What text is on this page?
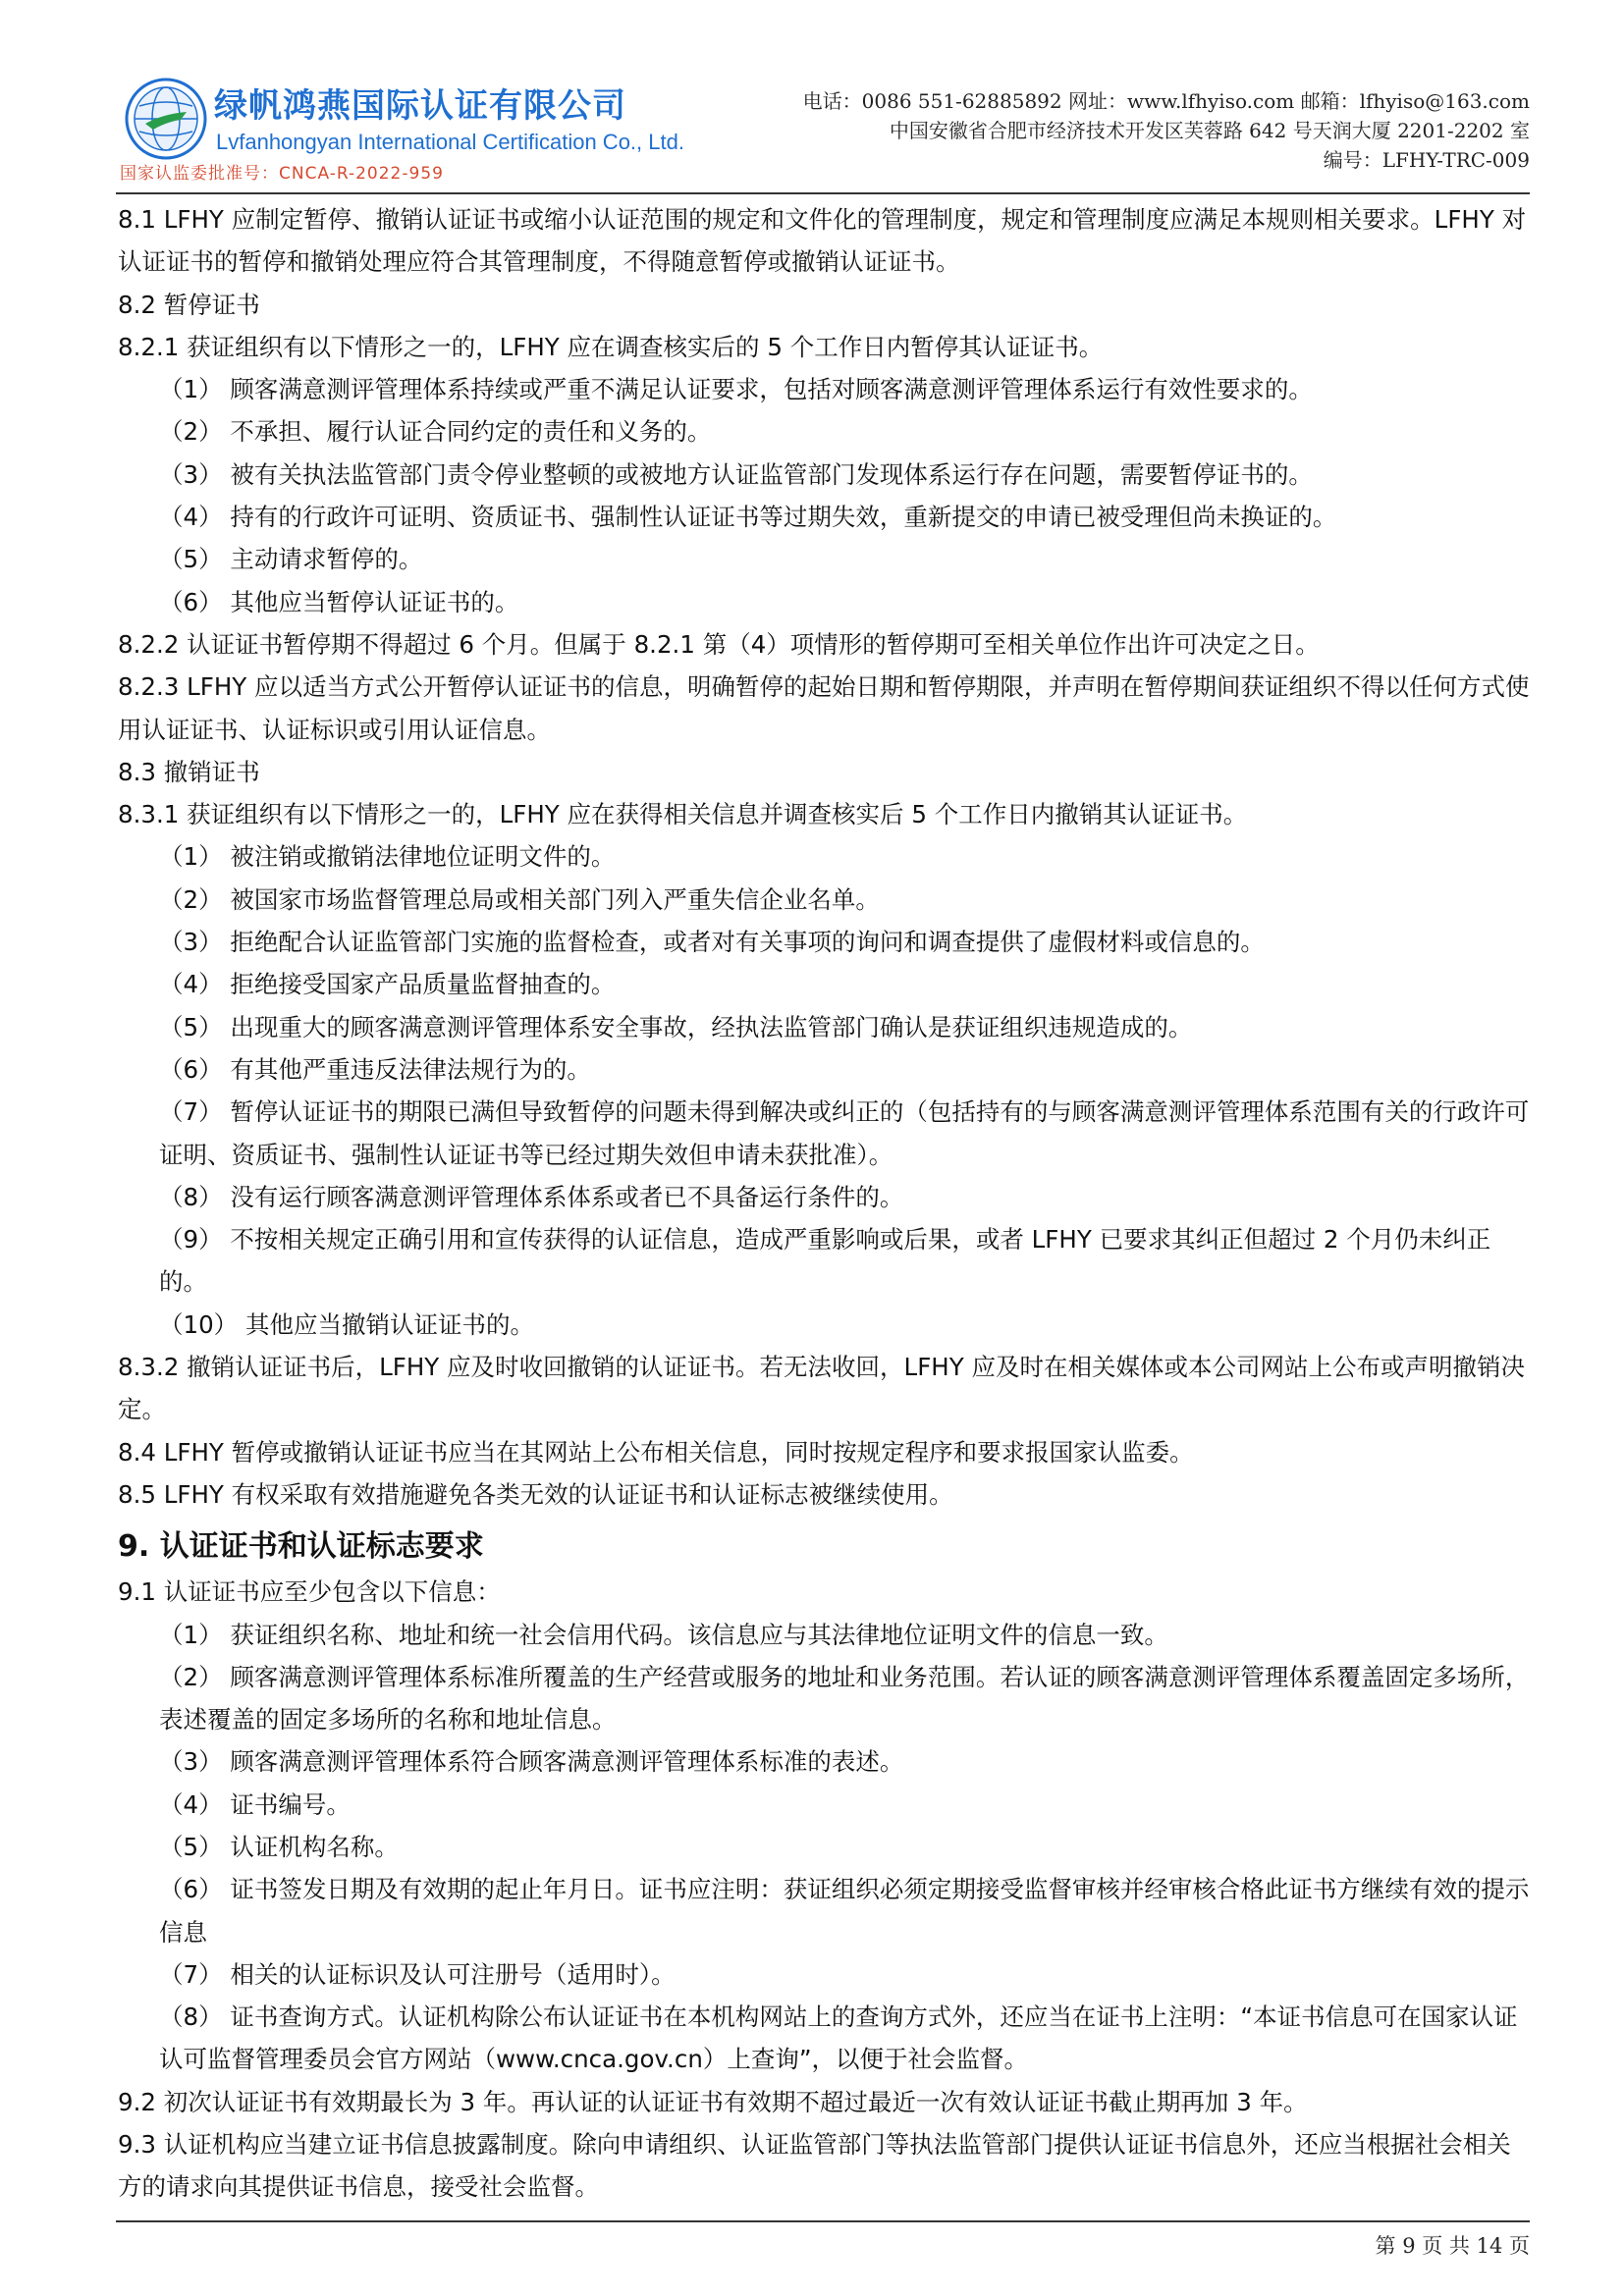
绿帆鸿燕国际认证有限公司
Lvfanhongyan International Certification Co., Ltd.
国家认监委批准号：CNCA-R-2022-959
电话：0086 551-62885892 网址：www.lfhyiso.com 邮箱：lfhyiso@163.com
中国安徽省合肥市经济技术开发区芙蓉路 642 号天润大厦 2201-2202 室
编号：LFHY-TRC-009

8.1 LFHY 应制定暂停、撤销认证证书或缩小认证范围的规定和文件化的管理制度，规定和管理制度应满足本规则相关要求。LFHY 对认证证书的暂停和撤销处理应符合其管理制度，不得随意暂停或撤销认证证书。

8.2 暂停证书

8.2.1 获证组织有以下情形之一的，LFHY 应在调查核实后的 5 个工作日内暂停其认证证书。

（1） 顾客满意测评管理体系持续或严重不满足认证要求，包括对顾客满意测评管理体系运行有效性要求的。

（2） 不承担、履行认证合同约定的责任和义务的。

（3） 被有关执法监管部门责令停业整顿的或被地方认证监管部门发现体系运行存在问题，需要暂停证书的。

（4） 持有的行政许可证明、资质证书、强制性认证证书等过期失效，重新提交的申请已被受理但尚未换证的。

（5） 主动请求暂停的。

（6） 其他应当暂停认证证书的。

8.2.2 认证证书暂停期不得超过 6 个月。但属于 8.2.1 第（4）项情形的暂停期可至相关单位作出许可决定之日。

8.2.3 LFHY 应以适当方式公开暂停认证证书的信息，明确暂停的起始日期和暂停期限，并声明在暂停期间获证组织不得以任何方式使用认证证书、认证标识或引用认证信息。

8.3 撤销证书

8.3.1 获证组织有以下情形之一的，LFHY 应在获得相关信息并调查核实后 5 个工作日内撤销其认证证书。

（1） 被注销或撤销法律地位证明文件的。

（2） 被国家市场监督管理总局或相关部门列入严重失信企业名单。

（3） 拒绝配合认证监管部门实施的监督检查，或者对有关事项的询问和调查提供了虚假材料或信息的。

（4） 拒绝接受国家产品质量监督抽查的。

（5） 出现重大的顾客满意测评管理体系安全事故，经执法监管部门确认是获证组织违规造成的。

（6） 有其他严重违反法律法规行为的。

（7） 暂停认证证书的期限已满但导致暂停的问题未得到解决或纠正的（包括持有的与顾客满意测评管理体系范围有关的行政许可证明、资质证书、强制性认证证书等已经过期失效但申请未获批准）。

（8） 没有运行顾客满意测评管理体系体系或者已不具备运行条件的。

（9） 不按相关规定正确引用和宣传获得的认证信息，造成严重影响或后果，或者 LFHY 已要求其纠正但超过 2 个月仍未纠正的。

（10） 其他应当撤销认证证书的。

8.3.2 撤销认证证书后，LFHY 应及时收回撤销的认证证书。若无法收回，LFHY 应及时在相关媒体或本公司网站上公布或声明撤销决定。

8.4 LFHY 暂停或撤销认证证书应当在其网站上公布相关信息，同时按规定程序和要求报国家认监委。

8.5 LFHY 有权采取有效措施避免各类无效的认证证书和认证标志被继续使用。

9. 认证证书和认证标志要求

9.1 认证证书应至少包含以下信息：

（1） 获证组织名称、地址和统一社会信用代码。该信息应与其法律地位证明文件的信息一致。

（2） 顾客满意测评管理体系标准所覆盖的生产经营或服务的地址和业务范围。若认证的顾客满意测评管理体系覆盖固定多场所，表述覆盖的固定多场所的名称和地址信息。

（3） 顾客满意测评管理体系符合顾客满意测评管理体系标准的表述。

（4） 证书编号。

（5） 认证机构名称。

（6） 证书签发日期及有效期的起止年月日。证书应注明：获证组织必须定期接受监督审核并经审核合格此证书方继续有效的提示信息

（7） 相关的认证标识及认可注册号（适用时）。

（8） 证书查询方式。认证机构除公布认证证书在本机构网站上的查询方式外，还应当在证书上注明：“本证书信息可在国家认证认可监督管理委员会官方网站（www.cnca.gov.cn）上查询”，以便于社会监督。

9.2 初次认证证书有效期最长为 3 年。再认证的认证证书有效期不超过最近一次有效认证证书截止期再加 3 年。

9.3 认证机构应当建立证书信息披露制度。除向申请组织、认证监管部门等执法监管部门提供认证证书信息外，还应当根据社会相关方的请求向其提供证书信息，接受社会监督。

第 9 页 共 14 页
